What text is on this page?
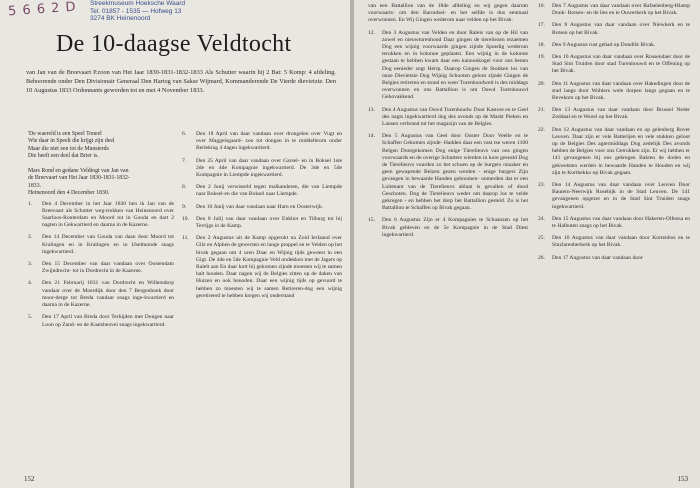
5 6 6 2 D Streekmuseum Hoeksche Waard
Tel. 01857 - 1535 — Hofweg 13
3274 BK Heinenoord
De 10-daagse Veldtocht

van Jan van de Breevaart P.zoon van Het Jaar 1830-1831-1832-1833 Als Schutter waarin hij 2 Bat: 5 Komp: 4 afdeling. Behoorende onder Den Divisionair Generaal Den Hartog van Sakse Wijmard, Kommanderende De Vierde dievietzie. Den 10 Augustus 1833 Ordonnants geworden tot en met 4 November 1833.

'De waereld is een Speel Toneel
Wie daar in Speelt die krijgt zijn deel
Maar die niet een tot de Munsterds
Die heeft een deel dat Brier is.

Mars Rond en gedane Veldtogt van Jan van
de Breevaart van Het Jaar 1830-1831-1832-
1833.
Heinenoord den 4 December 1830.
1. Den 4 December in het Jaar 1830 ben ik Jan van de Breevaart als Schutter weg-trokken van Heinenoord over Saarloos-Ronterdam en Moord tot in Gouda en dart 2 nagten in Gekwartierd en daarna in de Kazerne.
2. Den 14 December van Gouda van daan door Moord tot Kralingen en in Kralingen en in IJselmonde snags ingekwartierd.
3. Den 15 December van daar vandaan over Oostendam Zwijndrecht- tot in Dordrecht in de Kazerne.
4. Den 21 Februarij 1831 van Dordrecht en Willemdorp vandaar over de Moerdijk door den 7 Bergenhoek door moor-derge tot Breda vandaar snags inge-kwartierd en daarna in de Kazerne.
5. Den 17 April van Breda door Terhijden met Dongen naar Loon op Zand- en de Kaatsheuvel snags ingekwartierd.
6. Den 18 April van daar vandaan over drongelen over Vugt en over Maggelsgaard- zoo tot dongen in te middelbrom onder Berleking 4 dagen ingekwartierd.
7. Den 25 April van daar vandaan over Garsel- en in Boksel 1ste 2de en 4de Kompagnie ingekwartierd. De 3de en 5de Kompagnie in Liempde ingekwartierd.
8. Den 2 Junij verwisseld tegen malkanderen, die van Liempde naar Boksel-en die van Boksel naar Liempde.
9. Den 10 Junij van daar vandaan naar Harn en Oosterwijk.
10. Den 8 Julij van daar vandaan over Enkhot en Tilburg tot bij Terrijgs in de Kamp.
11. Den 2 Augustus uit de Kamp opgerukt na Zoid Ierlaand over Gilz en Alphen de gewecten en lange proppel en te Velden op het bivak gegaan om 4 uren Daar en Wijnig tijds geweest in een Gigt. De 4de en 5de Kompagnie Veld ondekken met de Jagers op Ralelt aan En daar kort bij gekomen zijnde moesten wij te samen halt houden. Daar nagen wij de Belgies zitten op de daken van Huizen en ook benoden. Daar een wijnig tijds op gevuurd te hebben zo moesten wij te samen Retireren-dog een wijnig geretireerd te hebben kregen wij onderstand
152
van een Battallion van de 18de afdeling en wij gegen daarom voorwaarts- om den Baroidsel- en het selfde is dus eenmaal overwonnen. En Wij Gingen wederom naar velden op het Bivak.
12. Den 3 Augustus van Velden en door Raleis van op de Hil van zowel en nieuwturenhoud Daar gingen de tiereliezen tezaemen Dog een wijnig voorwaards gingen zijnde Spoedig wederom terukken en in kolonne geplaatst. Een wijnig in de kolonne gestaan te hebben kwam daar een kannonkogel voor ons henen Dog eenieder zegt Heirp. Daarop Gingen de Stokken los van onze Dievietzie Dog Wijnig Schooten geloot zijnde Gingen de Belgies retireren en stond en weer Turenhoudwelt is des middags overwonnen en ons Battallion is om Ouwd Turenhouwd Gehovakkend.
13. Den 4 Augustus van Ouwd Turenhoudw Door Kastore en te Geel des nagts ingekwartierd dog des avonds op de Markt Pieken en Lansen verbrand tot het magazijn van de Belgies.
14. Den 5 Augustus van Geel door Ooster Door Veelle en te Schaffen Gekomen zijnde- Hadden daar een vast tse weren 1100 Belgen Doorgekomen Dog enige Tierelieuvs van ons gingen voorwaards en de overige Schutters wierden in kore geseald Dog de Tierelieuvs vuurden zo het schoen op de burgers onzaker en geen gewapende Belzen gezen werden - enige burgers Zijn gevangen in bewaarde Handen geboomen- onmerden dat er een Luitenant van de Tierelieuvs ablaat is gevallen of dood Geschoten. Dog de Tierelieuvs weder om daarop los te velde gekregen - en hebben het dorp het Battallion gesteld. Zo is het Battallion te Schaffen op Bivak gegaan.
15. Den 6 Augustus Zijn er 4 Kompagnies te Schaanzen op het Bivak gebleven en de 5e Kompagnie in de Stad Diest ingekwartierd.
16. Den 7 Augustus van daar vandaan over Rafaelenberg-Hlamp Donk- Rotsen- en de lies en te Ouwerkerk op het Bivak.
17. Den 8 Augustus van daar vandaan over Niewkerk en te Rotsen op het Bivak.
18. Den 9 Augustus rust gehad op Dondlik Bivak.
19. Den 10 Augustus van daar vandaan over Rossendaer door de Stad Sint Truiden door stad Turenhouwd en te Offening op het Bivak.
20. Den 11 Augustus van daar vandaan over Hakedingen door de stad langs door Wohlers wele dorpen langs gegaan en te Bevekom op het Bivak.
21. Den 13 Augustus van daar vandaan door Brussel Neder Zeddaal en te Wezel op het Bivak.
22. Den 12 Augustus van daar vandaan en op gelenberg Rover Leuven. Daar zijn er vele Batterijen en vele stukken geloot op de Belgies Des agtermiddags Dog zedelijk Des avonds hebben de Belgies voor ons Getrokken zijn. Er wij hebben er 141 gevangenen bij ons gekregen Bakten de doden en gekwetsten werden in bewaarde Handen te Houden en wij zijn te Kortbekko op Bivak gegaan.
23. Den 14 Augustus van daar vandaan over Leuven Door Bautern-Neerwijk Rosebijk in de Stad Leuven. De 141 gevangenen opgezet en in de Stad Sint Truiden snags ingekwartierd.
24. Den 15 Augustus van daar vandaan door Hakeren-Olfensa en te Halbuten snags op het Bivak.
25. Den 16 Augustus van daar vandaan door Kortenbos en te Sinzlarenberkerk op het Bivak.
26. Den 17 Augustus van daar vandaan door
153
